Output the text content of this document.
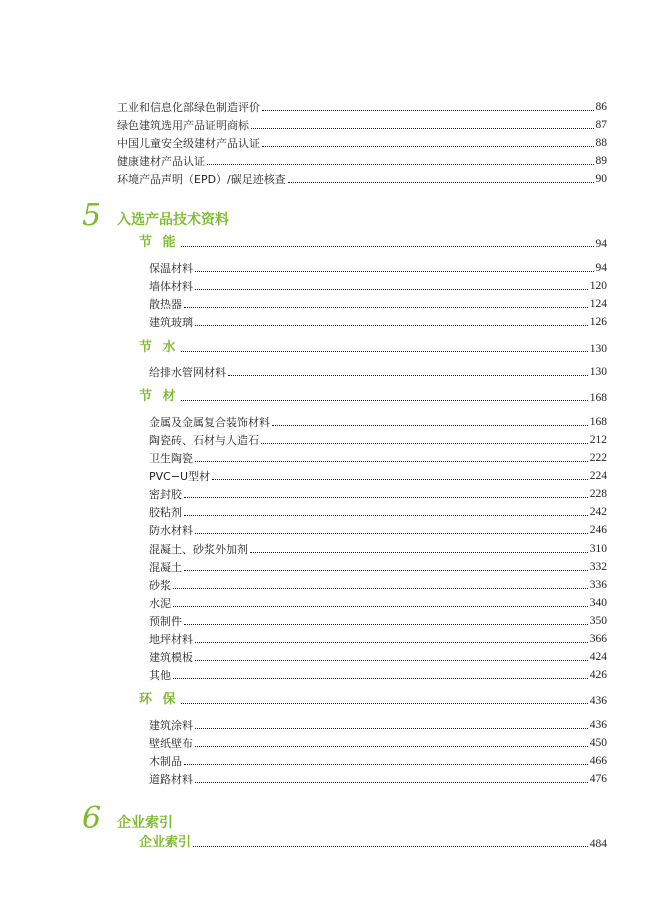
工业和信息化部绿色制造评价	86
绿色建筑选用产品证明商标	87
中国儿童安全级建材产品认证	88
健康建材产品认证	89
环境产品声明（EPD）/碳足迹核查	90
5	入选产品技术资料
节 能	94
保温材料	94
墙体材料	120
散热器	124
建筑玻璃	126
节 水	130
给排水管网材料	130
节 材	168
金属及金属复合装饰材料	168
陶瓷砖、石材与人造石	212
卫生陶瓷	222
PVC−U型材	224
密封胶	228
胶粘剂	242
防水材料	246
混凝土、砂浆外加剂	310
混凝土	332
砂浆	336
水泥	340
预制件	350
地坪材料	366
建筑模板	424
其他	426
环 保	436
建筑涂料	436
壁纸壁布	450
木制品	466
道路材料	476
6	企业索引
企业索引	484
